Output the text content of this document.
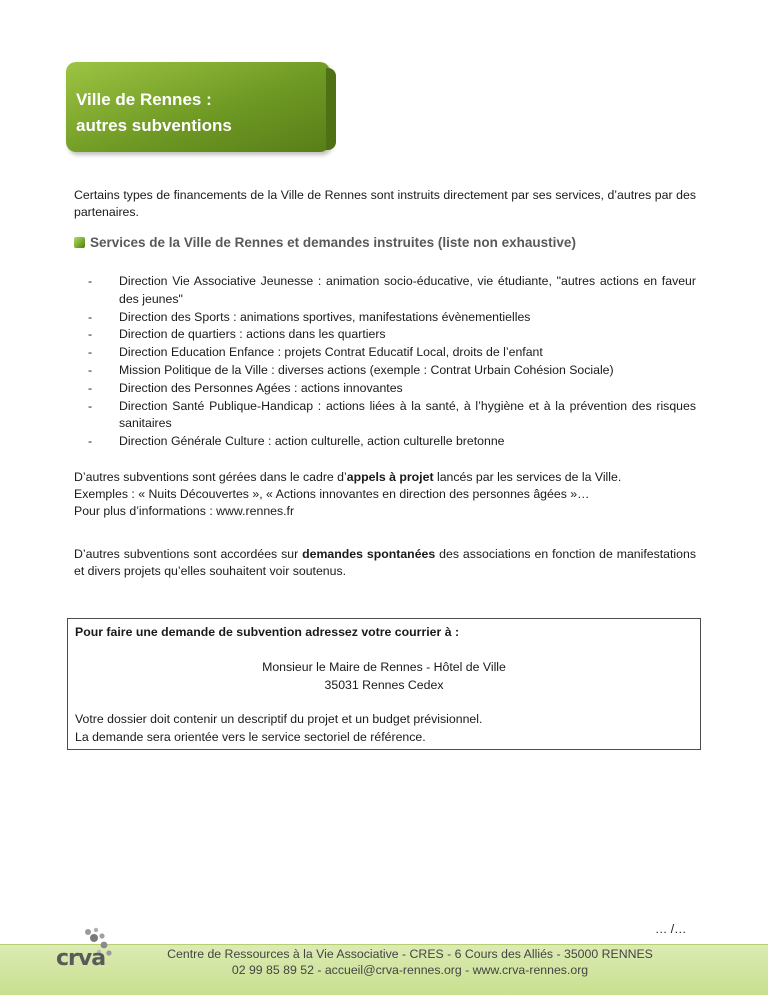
Ville de Rennes :
autres subventions

Certains types de financements de la Ville de Rennes sont instruits directement par ses services, d’autres par des partenaires.

Services de la Ville de Rennes et demandes instruites (liste non exhaustive)
- Direction Vie Associative Jeunesse : animation socio-éducative, vie étudiante, "autres actions en faveur des jeunes"
- Direction des Sports : animations sportives, manifestations évènementielles
- Direction de quartiers : actions dans les quartiers
- Direction Education Enfance : projets Contrat Educatif Local, droits de l’enfant
- Mission Politique de la Ville : diverses actions (exemple : Contrat Urbain Cohésion Sociale)
- Direction des Personnes Agées : actions innovantes
- Direction Santé Publique-Handicap : actions liées à la santé, à l’hygiène et à la prévention des risques sanitaires
- Direction Générale Culture : action culturelle, action culturelle bretonne

D’autres subventions sont gérées dans le cadre d’appels à projet lancés par les services de la Ville.
Exemples : « Nuits Découvertes », « Actions innovantes en direction des personnes âgées »…
Pour plus d’informations : www.rennes.fr

D’autres subventions sont accordées sur demandes spontanées des associations en fonction de manifestations et divers projets qu’elles souhaitent voir soutenus.

Pour faire une demande de subvention adressez votre courrier à :
Monsieur le Maire de Rennes - Hôtel de Ville
35031 Rennes Cedex
Votre dossier doit contenir un descriptif du projet et un budget prévisionnel.
La demande sera orientée vers le service sectoriel de référence.
… /…
Centre de Ressources à la Vie Associative - CRES - 6 Cours des Alliés - 35000 RENNES
02 99 85 89 52 - accueil@crva-rennes.org - www.crva-rennes.org
crva
